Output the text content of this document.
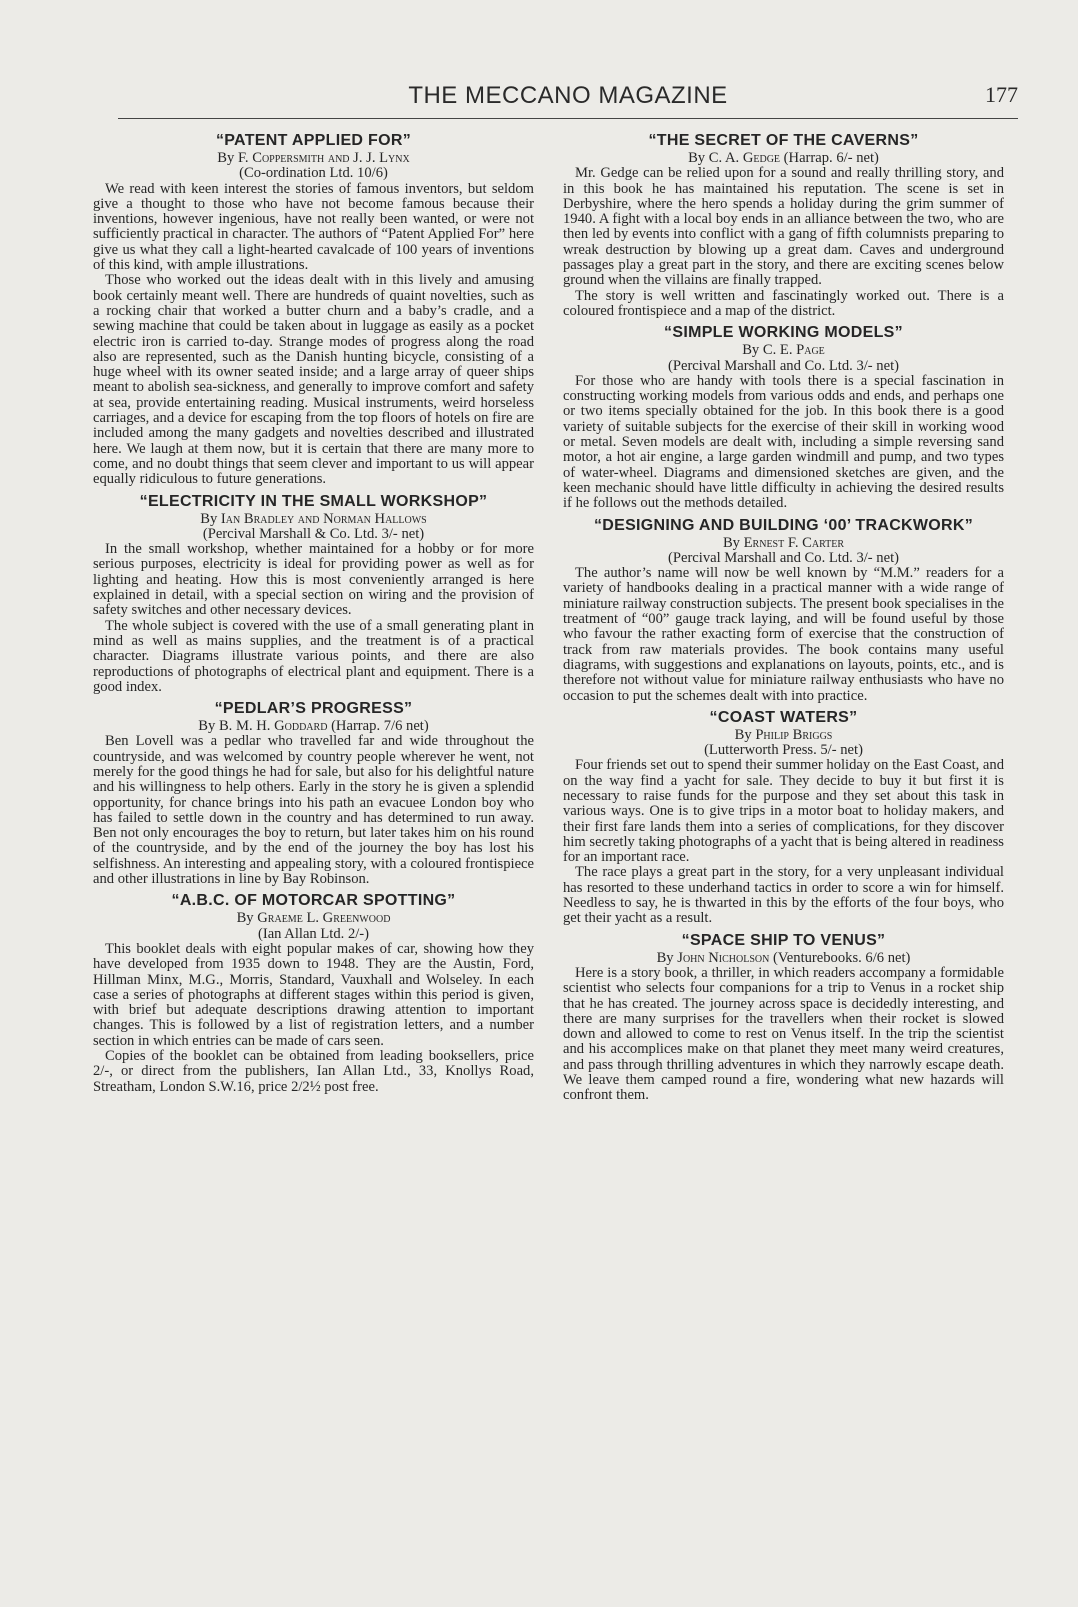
THE MECCANO MAGAZINE	177
“PATENT APPLIED FOR”
By F. Coppersmith and J. J. Lynx
(Co-ordination Ltd. 10/6)

We read with keen interest the stories of famous inventors, but seldom give a thought to those who have not become famous because their inventions, however ingenious, have not really been wanted, or were not sufficiently practical in character. The authors of “Patent Applied For” here give us what they call a light-hearted cavalcade of 100 years of inventions of this kind, with ample illustrations.

Those who worked out the ideas dealt with in this lively and amusing book certainly meant well. There are hundreds of quaint novelties, such as a rocking chair that worked a butter churn and a baby’s cradle, and a sewing machine that could be taken about in luggage as easily as a pocket electric iron is carried to-day. Strange modes of progress along the road also are represented, such as the Danish hunting bicycle, consisting of a huge wheel with its owner seated inside; and a large array of queer ships meant to abolish sea-sickness, and generally to improve comfort and safety at sea, provide entertaining reading. Musical instruments, weird horseless carriages, and a device for escaping from the top floors of hotels on fire are included among the many gadgets and novelties described and illustrated here. We laugh at them now, but it is certain that there are many more to come, and no doubt things that seem clever and important to us will appear equally ridiculous to future generations.

“ELECTRICITY IN THE SMALL WORKSHOP”
By Ian Bradley and Norman Hallows
(Percival Marshall & Co. Ltd. 3/- net)

In the small workshop, whether maintained for a hobby or for more serious purposes, electricity is ideal for providing power as well as for lighting and heating. How this is most conveniently arranged is here explained in detail, with a special section on wiring and the provision of safety switches and other necessary devices.

The whole subject is covered with the use of a small generating plant in mind as well as mains supplies, and the treatment is of a practical character. Diagrams illustrate various points, and there are also reproductions of photographs of electrical plant and equipment. There is a good index.

“PEDLAR’S PROGRESS”
By B. M. H. Goddard (Harrap. 7/6 net)

Ben Lovell was a pedlar who travelled far and wide throughout the countryside, and was welcomed by country people wherever he went, not merely for the good things he had for sale, but also for his delightful nature and his willingness to help others. Early in the story he is given a splendid opportunity, for chance brings into his path an evacuee London boy who has failed to settle down in the country and has determined to run away. Ben not only encourages the boy to return, but later takes him on his round of the countryside, and by the end of the journey the boy has lost his selfishness. An interesting and appealing story, with a coloured frontispiece and other illustrations in line by Bay Robinson.

“A.B.C. OF MOTORCAR SPOTTING”
By Graeme L. Greenwood
(Ian Allan Ltd. 2/-)

This booklet deals with eight popular makes of car, showing how they have developed from 1935 down to 1948. They are the Austin, Ford, Hillman Minx, M.G., Morris, Standard, Vauxhall and Wolseley. In each case a series of photographs at different stages within this period is given, with brief but adequate descriptions drawing attention to important changes. This is followed by a list of registration letters, and a number section in which entries can be made of cars seen.

Copies of the booklet can be obtained from leading booksellers, price 2/-, or direct from the publishers, Ian Allan Ltd., 33, Knollys Road, Streatham, London S.W.16, price 2/2½ post free.

“THE SECRET OF THE CAVERNS”
By C. A. Gedge (Harrap. 6/- net)

Mr. Gedge can be relied upon for a sound and really thrilling story, and in this book he has maintained his reputation. The scene is set in Derbyshire, where the hero spends a holiday during the grim summer of 1940. A fight with a local boy ends in an alliance between the two, who are then led by events into conflict with a gang of fifth columnists preparing to wreak destruction by blowing up a great dam. Caves and underground passages play a great part in the story, and there are exciting scenes below ground when the villains are finally trapped.

The story is well written and fascinatingly worked out. There is a coloured frontispiece and a map of the district.

“SIMPLE WORKING MODELS”
By C. E. Page
(Percival Marshall and Co. Ltd. 3/- net)

For those who are handy with tools there is a special fascination in constructing working models from various odds and ends, and perhaps one or two items specially obtained for the job. In this book there is a good variety of suitable subjects for the exercise of their skill in working wood or metal. Seven models are dealt with, including a simple reversing sand motor, a hot air engine, a large garden windmill and pump, and two types of water-wheel. Diagrams and dimensioned sketches are given, and the keen mechanic should have little difficulty in achieving the desired results if he follows out the methods detailed.

“DESIGNING AND BUILDING ‘00’ TRACKWORK”
By Ernest F. Carter
(Percival Marshall and Co. Ltd. 3/- net)

The author’s name will now be well known by “M.M.” readers for a variety of handbooks dealing in a practical manner with a wide range of miniature railway construction subjects. The present book specialises in the treatment of “00” gauge track laying, and will be found useful by those who favour the rather exacting form of exercise that the construction of track from raw materials provides. The book contains many useful diagrams, with suggestions and explanations on layouts, points, etc., and is therefore not without value for miniature railway enthusiasts who have no occasion to put the schemes dealt with into practice.

“COAST WATERS”
By Philip Briggs
(Lutterworth Press. 5/- net)

Four friends set out to spend their summer holiday on the East Coast, and on the way find a yacht for sale. They decide to buy it but first it is necessary to raise funds for the purpose and they set about this task in various ways. One is to give trips in a motor boat to holiday makers, and their first fare lands them into a series of complications, for they discover him secretly taking photographs of a yacht that is being altered in readiness for an important race.

The race plays a great part in the story, for a very unpleasant individual has resorted to these underhand tactics in order to score a win for himself. Needless to say, he is thwarted in this by the efforts of the four boys, who get their yacht as a result.

“SPACE SHIP TO VENUS”
By John Nicholson (Venturebooks. 6/6 net)

Here is a story book, a thriller, in which readers accompany a formidable scientist who selects four companions for a trip to Venus in a rocket ship that he has created. The journey across space is decidedly interesting, and there are many surprises for the travellers when their rocket is slowed down and allowed to come to rest on Venus itself. In the trip the scientist and his accomplices make on that planet they meet many weird creatures, and pass through thrilling adventures in which they narrowly escape death. We leave them camped round a fire, wondering what new hazards will confront them.
